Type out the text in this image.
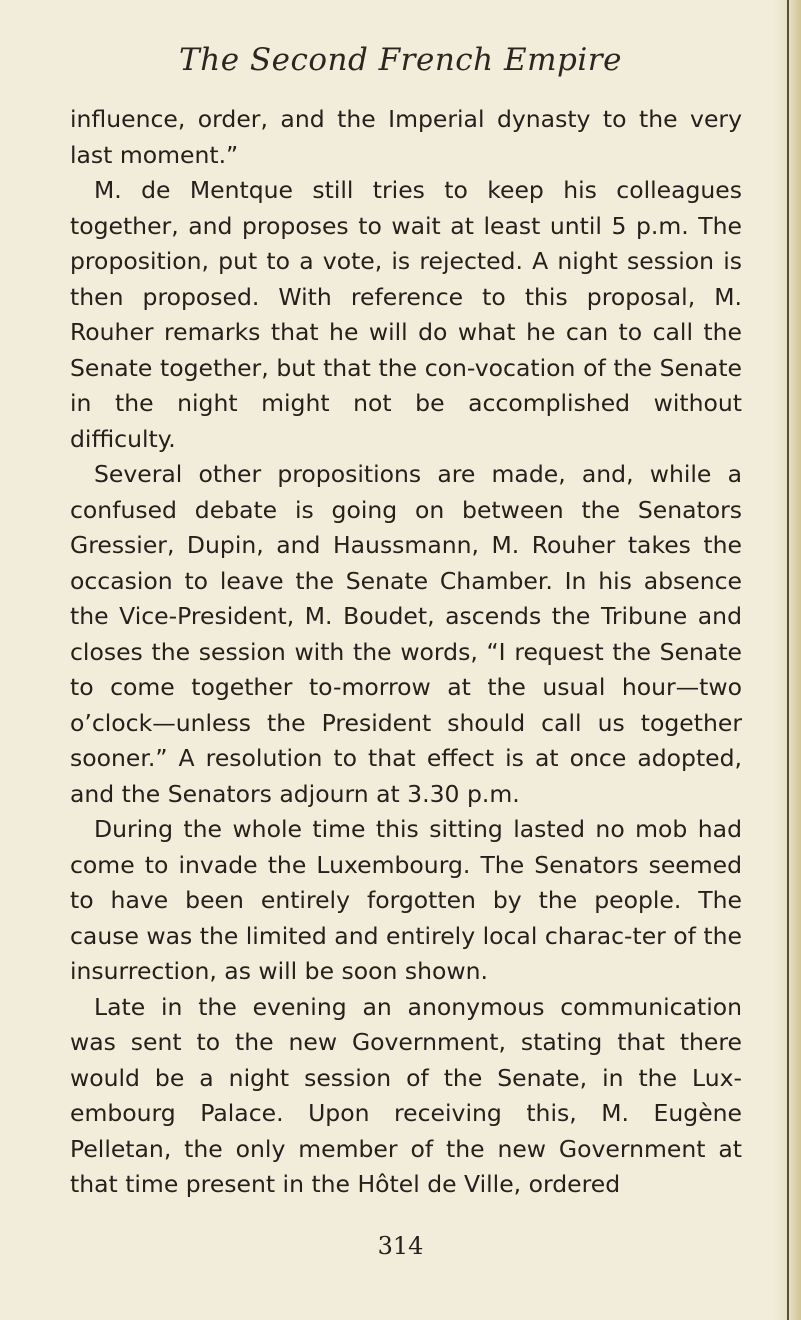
The Second French Empire

influence, order, and the Imperial dynasty to the very last moment.”

M. de Mentque still tries to keep his colleagues together, and proposes to wait at least until 5 p.m. The proposition, put to a vote, is rejected. A night session is then proposed. With reference to this proposal, M. Rouher remarks that he will do what he can to call the Senate together, but that the con-vocation of the Senate in the night might not be accomplished without difficulty.

Several other propositions are made, and, while a confused debate is going on between the Senators Gressier, Dupin, and Haussmann, M. Rouher takes the occasion to leave the Senate Chamber. In his absence the Vice-President, M. Boudet, ascends the Tribune and closes the session with the words, “I request the Senate to come together to-morrow at the usual hour—two o’clock—unless the President should call us together sooner.” A resolution to that effect is at once adopted, and the Senators adjourn at 3.30 p.m.

During the whole time this sitting lasted no mob had come to invade the Luxembourg. The Senators seemed to have been entirely forgotten by the people. The cause was the limited and entirely local charac-ter of the insurrection, as will be soon shown.

Late in the evening an anonymous communication was sent to the new Government, stating that there would be a night session of the Senate, in the Lux-embourg Palace. Upon receiving this, M. Eugène Pelletan, the only member of the new Government at that time present in the Hôtel de Ville, ordered

314
